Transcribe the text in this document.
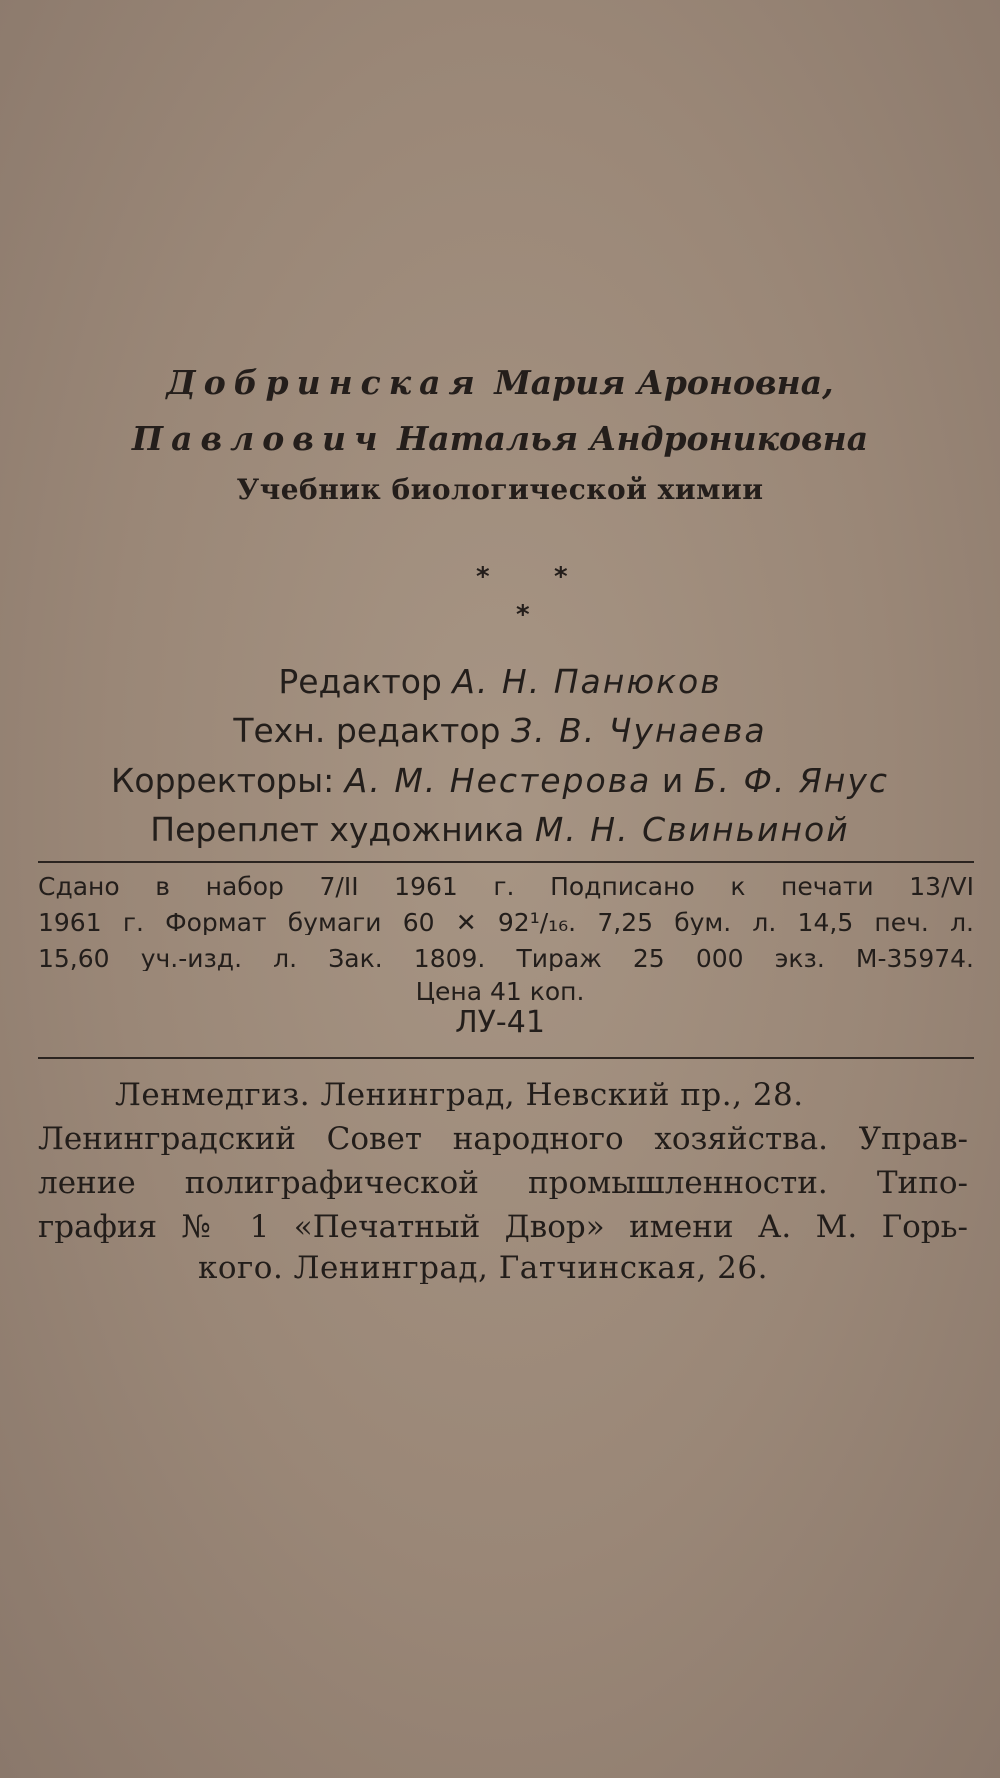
Добринская Мария Ароновна,
Павлович Наталья Андрониковна
Учебник биологической химии
* *
*
Редактор А. Н. Панюков
Техн. редактор З. В. Чунаева
Корректоры: А. М. Нестерова и Б. Ф. Янус
Переплет художника М. Н. Свиньиной
Сдано в набор 7/II 1961 г. Подписано к печати 13/VI
1961 г. Формат бумаги 60 ✕ 92¹/₁₆. 7,25 бум. л. 14,5 печ. л.
15,60 уч.-изд. л. Зак. 1809. Тираж 25 000 экз. М-35974.
Цена 41 коп.
ЛУ-41
Ленмедгиз. Ленинград, Невский пр., 28.
Ленинградский Совет народного хозяйства. Управ-
ление полиграфической промышленности. Типо-
графия № 1 «Печатный Двор» имени А. М. Горь-
кого. Ленинград, Гатчинская, 26.
